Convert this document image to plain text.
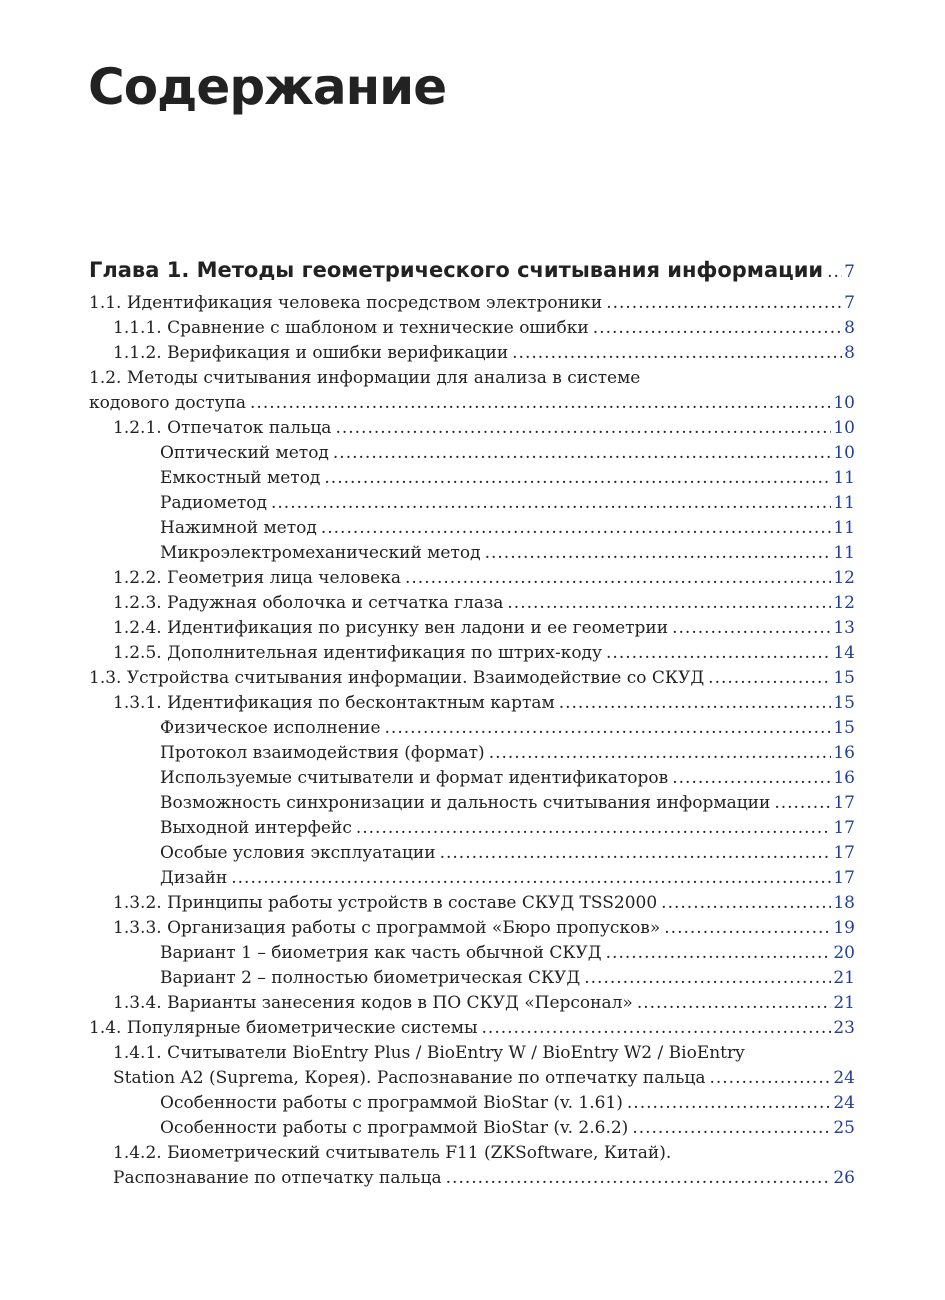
Содержание
Глава 1. Методы геометрического считывания информации ..... 7
1.1. Идентификация человека посредством электроники .....	7
1.1.1. Сравнение с шаблоном и технические ошибки .....	8
1.1.2. Верификация и ошибки верификации .....	8
1.2. Методы считывания информации для анализа в системе
кодового доступа .....	10
1.2.1. Отпечаток пальца .....	10
Оптический метод .....	10
Емкостный метод .....	11
Радиометод .....	11
Нажимной метод .....	11
Микроэлектромеханический метод .....	11
1.2.2. Геометрия лица человека .....	12
1.2.3. Радужная оболочка и сетчатка глаза .....	12
1.2.4. Идентификация по рисунку вен ладони и ее геометрии .....	13
1.2.5. Дополнительная идентификация по штрих-коду .....	14
1.3. Устройства считывания информации. Взаимодействие со СКУД .....	15
1.3.1. Идентификация по бесконтактным картам .....	15
Физическое исполнение .....	15
Протокол взаимодействия (формат) .....	16
Используемые считыватели и формат идентификаторов .....	16
Возможность синхронизации и дальность считывания информации .....	17
Выходной интерфейс .....	17
Особые условия эксплуатации .....	17
Дизайн .....	17
1.3.2. Принципы работы устройств в составе СКУД TSS2000 .....	18
1.3.3. Организация работы с программой «Бюро пропусков» .....	19
Вариант 1 – биометрия как часть обычной СКУД .....	20
Вариант 2 – полностью биометрическая СКУД .....	21
1.3.4. Варианты занесения кодов в ПО СКУД «Персонал» .....	21
1.4. Популярные биометрические системы .....	23
1.4.1. Считыватели BioEntry Plus / BioEntry W / BioEntry W2 / BioEntry
Station A2 (Suprema, Корея). Распознавание по отпечатку пальца .....	24
Особенности работы с программой BioStar (v. 1.61) .....	24
Особенности работы с программой BioStar (v. 2.6.2) .....	25
1.4.2. Биометрический считыватель F11 (ZKSoftware, Китай).
Распознавание по отпечатку пальца .....	26
